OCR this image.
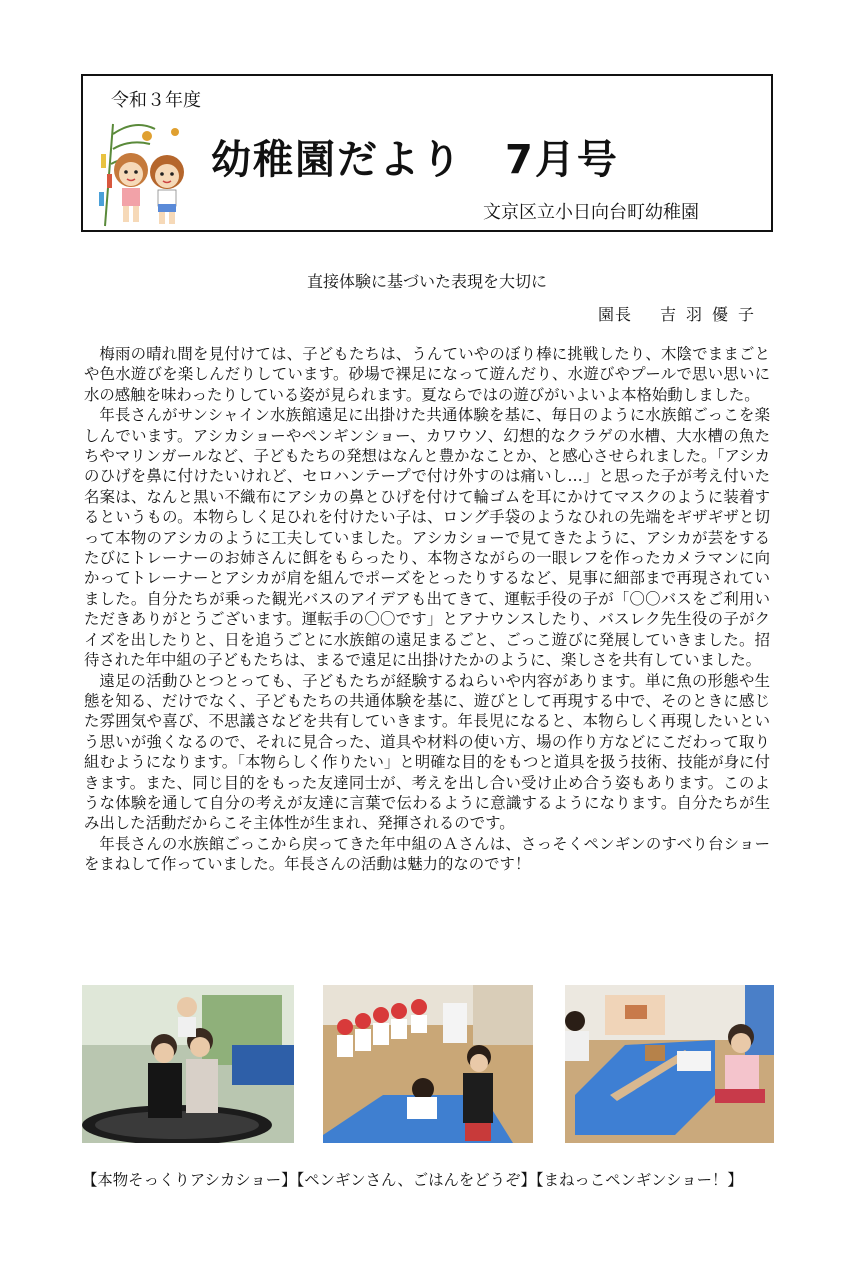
令和３年度
幼稚園だより　7月号
文京区立小日向台町幼稚園
直接体験に基づいた表現を大切に
園長 吉羽優子

梅雨の晴れ間を見付けては、子どもたちは、うんていやのぼり棒に挑戦したり、木陰でままごとや色水遊びを楽しんだりしています。砂場で裸足になって遊んだり、水遊びやプールで思い思いに水の感触を味わったりしている姿が見られます。夏ならではの遊びがいよいよ本格始動しました。

年長さんがサンシャイン水族館遠足に出掛けた共通体験を基に、毎日のように水族館ごっこを楽しんでいます。アシカショーやペンギンショー、カワウソ、幻想的なクラゲの水槽、大水槽の魚たちやマリンガールなど、子どもたちの発想はなんと豊かなことか、と感心させられました。「アシカのひげを鼻に付けたいけれど、セロハンテープで付け外すのは痛いし…」と思った子が考え付いた名案は、なんと黒い不織布にアシカの鼻とひげを付けて輪ゴムを耳にかけてマスクのように装着するというもの。本物らしく足ひれを付けたい子は、ロング手袋のようなひれの先端をギザギザと切って本物のアシカのように工夫していました。アシカショーで見てきたように、アシカが芸をするたびにトレーナーのお姉さんに餌をもらったり、本物さながらの一眼レフを作ったカメラマンに向かってトレーナーとアシカが肩を組んでポーズをとったりするなど、見事に細部まで再現されていました。自分たちが乗った観光バスのアイデアも出てきて、運転手役の子が「〇〇バスをご利用いただきありがとうございます。運転手の〇〇です」とアナウンスしたり、バスレク先生役の子がクイズを出したりと、日を追うごとに水族館の遠足まるごと、ごっこ遊びに発展していきました。招待された年中組の子どもたちは、まるで遠足に出掛けたかのように、楽しさを共有していました。

遠足の活動ひとつとっても、子どもたちが経験するねらいや内容があります。単に魚の形態や生態を知る、だけでなく、子どもたちの共通体験を基に、遊びとして再現する中で、そのときに感じた雰囲気や喜び、不思議さなどを共有していきます。年長児になると、本物らしく再現したいという思いが強くなるので、それに見合った、道具や材料の使い方、場の作り方などにこだわって取り組むようになります。「本物らしく作りたい」と明確な目的をもつと道具を扱う技術、技能が身に付きます。また、同じ目的をもった友達同士が、考えを出し合い受け止め合う姿もあります。このような体験を通して自分の考えが友達に言葉で伝わるように意識するようになります。自分たちが生み出した活動だからこそ主体性が生まれ、発揮されるのです。

年長さんの水族館ごっこから戻ってきた年中組のＡさんは、さっそくペンギンのすべり台ショーをまねして作っていました。年長さんの活動は魅力的なのです！

【本物そっくりアシカショー】【ペンギンさん、ごはんをどうぞ】【まねっこペンギンショー！】
